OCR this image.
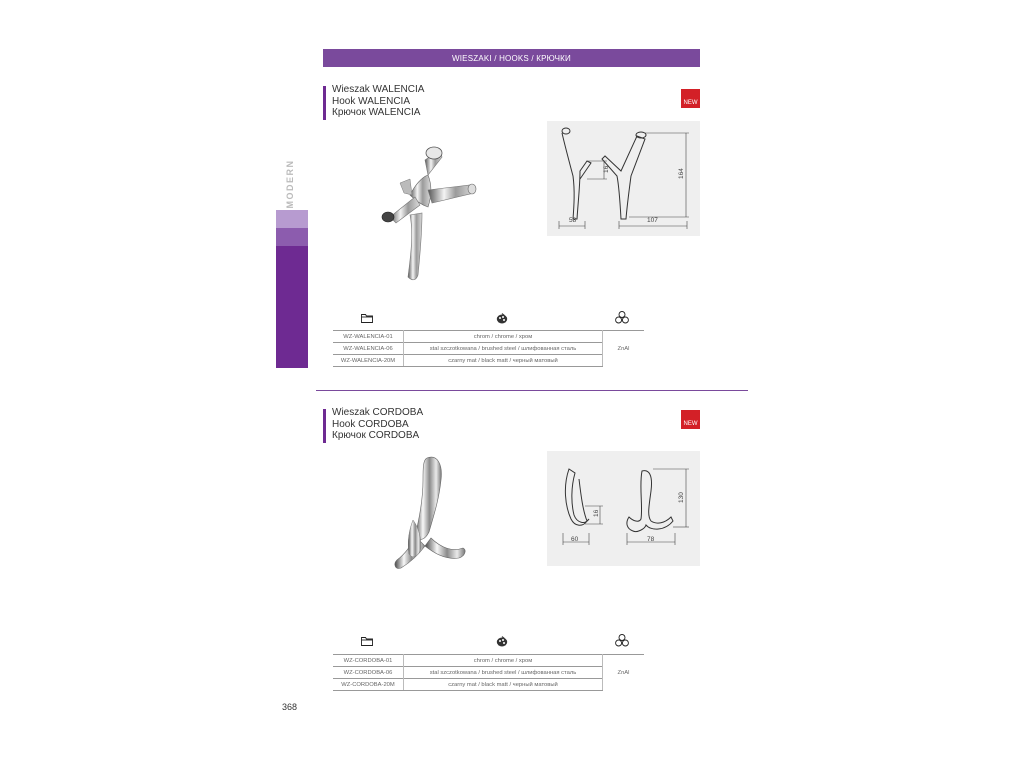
WIESZAKI / HOOKS / КРЮЧКИ
MODERN
Wieszak WALENCIA
Hook WALENCIA
Крючок WALENCIA
NEW
16	164
58	107
WZ-WALENCIA-01	chrom / chrome / хром	ZnAl
WZ-WALENCIA-06	stal szczotkowana / brushed steel / шлифованная сталь	
WZ-WALENCIA-20M	czarny mat / black matt / черный матовый	
Wieszak CORDOBA
Hook CORDOBA
Крючок CORDOBA
NEW
16
130
60	78
WZ-CORDOBA-01	chrom / chrome / хром	ZnAl
WZ-CORDOBA-06	stal szczotkowana / brushed steel / шлифованная сталь	
WZ-CORDOBA-20M	czarny mat / black matt / черный матовый	
368
